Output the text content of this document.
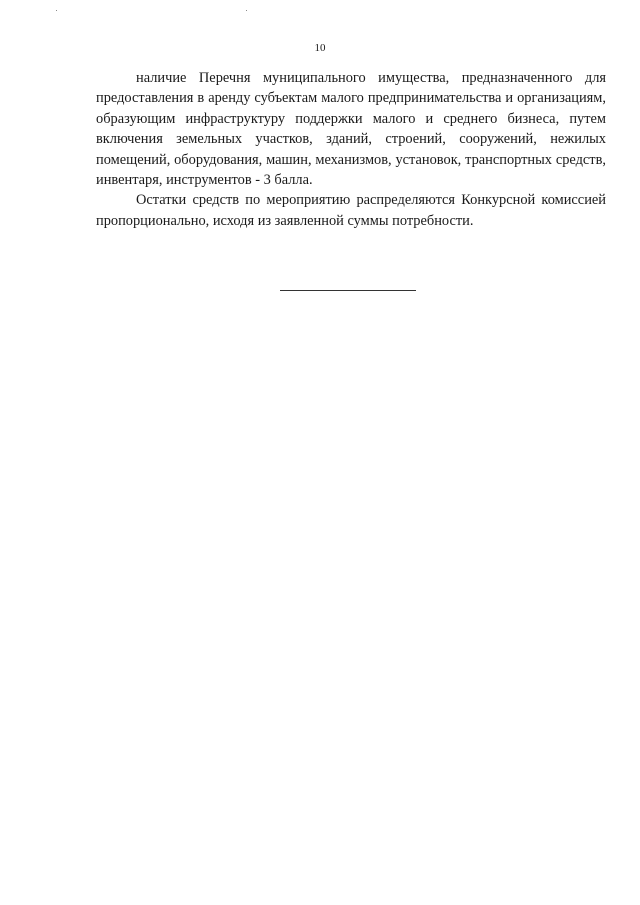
10

наличие Перечня муниципального имущества, предназначенного для предоставления в аренду субъектам малого предпринимательства и организациям, образующим инфраструктуру поддержки малого и среднего бизнеса, путем включения земельных участков, зданий, строений, сооружений, нежилых помещений, оборудования, машин, механизмов, установок, транспортных средств, инвентаря, инструментов - 3 балла.

Остатки средств по мероприятию распределяются Конкурсной комиссией пропорционально, исходя из заявленной суммы потребности.
